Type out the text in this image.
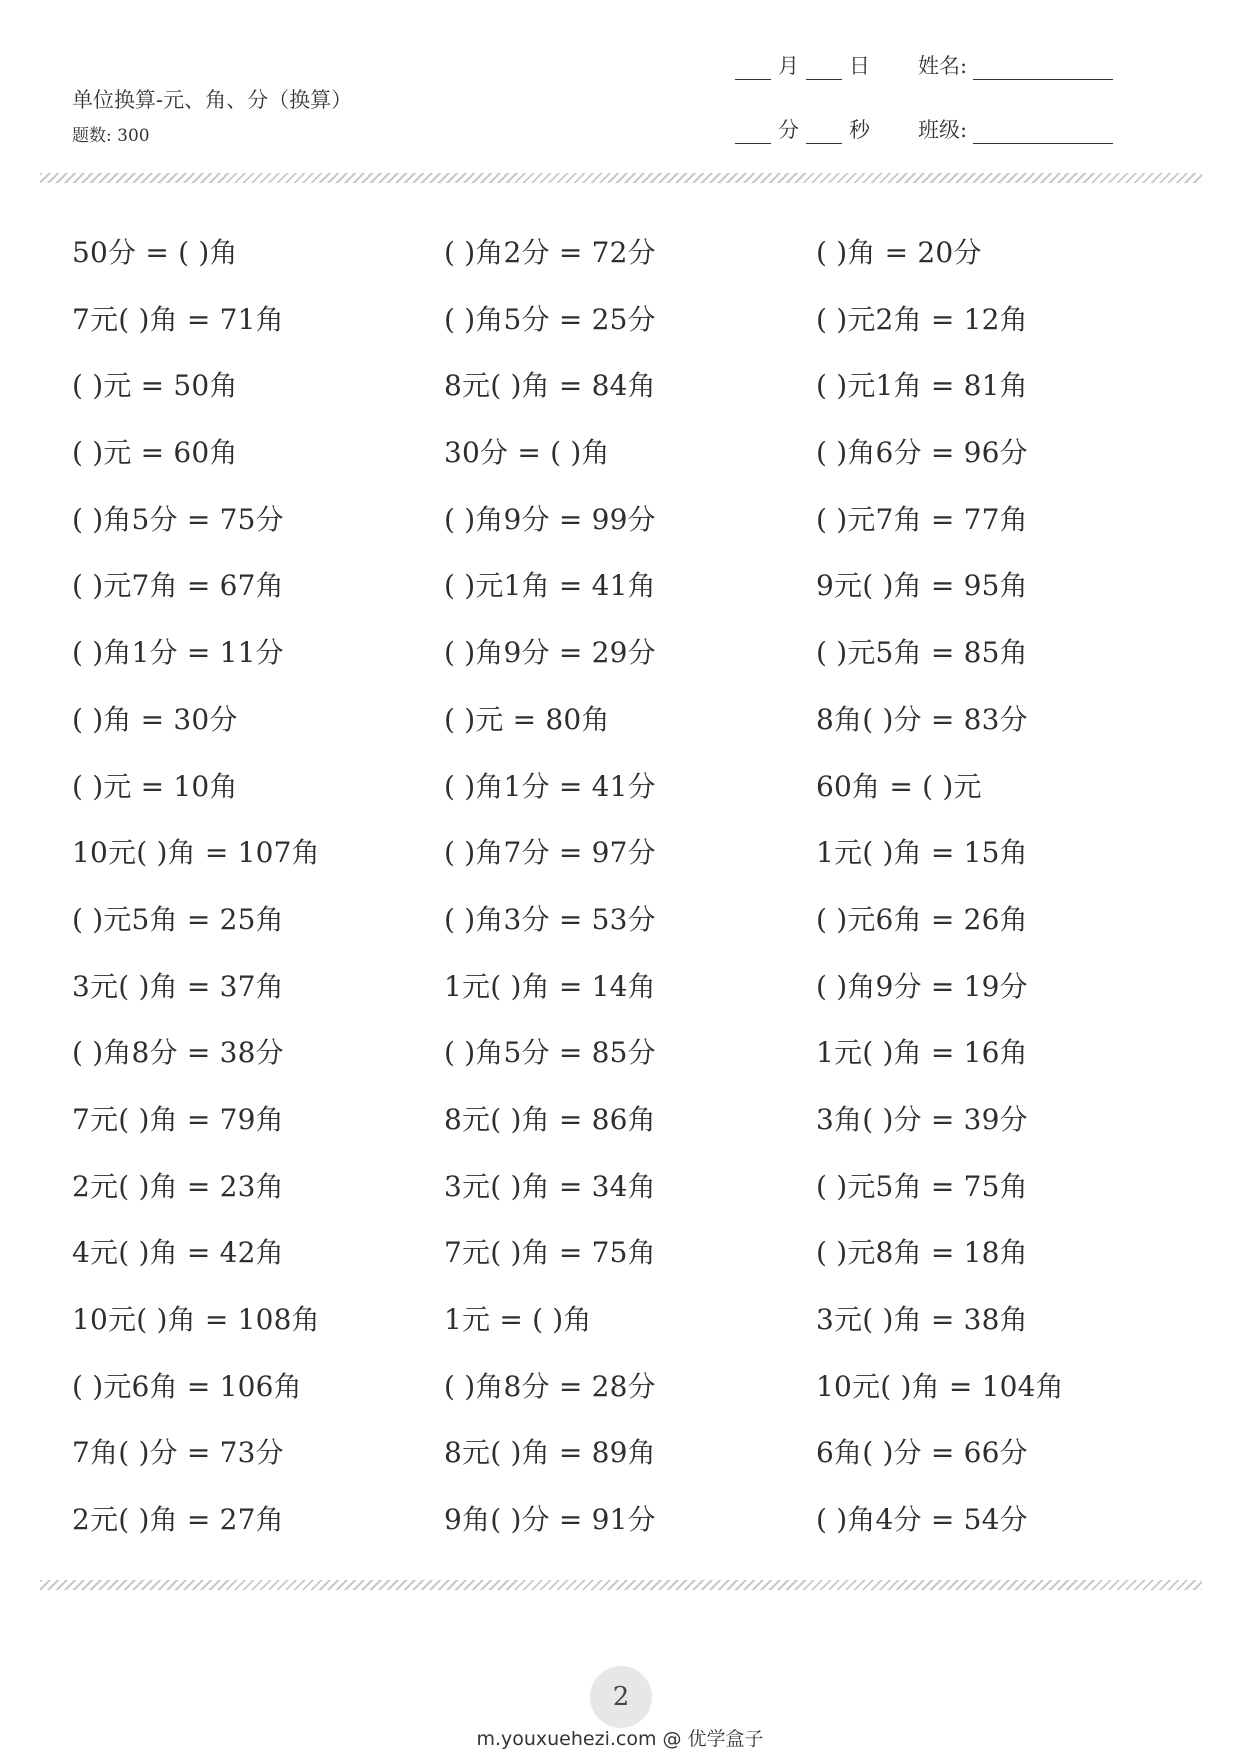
单位换算-元、角、分（换算）
题数: 300
月 日 姓名:
分 秒 班级:
50分 = ( )角	( )角2分 = 72分	( )角 = 20分
7元( )角 = 71角	( )角5分 = 25分	( )元2角 = 12角
( )元 = 50角	8元( )角 = 84角	( )元1角 = 81角
( )元 = 60角	30分 = ( )角	( )角6分 = 96分
( )角5分 = 75分	( )角9分 = 99分	( )元7角 = 77角
( )元7角 = 67角	( )元1角 = 41角	9元( )角 = 95角
( )角1分 = 11分	( )角9分 = 29分	( )元5角 = 85角
( )角 = 30分	( )元 = 80角	8角( )分 = 83分
( )元 = 10角	( )角1分 = 41分	60角 = ( )元
10元( )角 = 107角	( )角7分 = 97分	1元( )角 = 15角
( )元5角 = 25角	( )角3分 = 53分	( )元6角 = 26角
3元( )角 = 37角	1元( )角 = 14角	( )角9分 = 19分
( )角8分 = 38分	( )角5分 = 85分	1元( )角 = 16角
7元( )角 = 79角	8元( )角 = 86角	3角( )分 = 39分
2元( )角 = 23角	3元( )角 = 34角	( )元5角 = 75角
4元( )角 = 42角	7元( )角 = 75角	( )元8角 = 18角
10元( )角 = 108角	1元 = ( )角	3元( )角 = 38角
( )元6角 = 106角	( )角8分 = 28分	10元( )角 = 104角
7角( )分 = 73分	8元( )角 = 89角	6角( )分 = 66分
2元( )角 = 27角	9角( )分 = 91分	( )角4分 = 54分
2
m.youxuehezi.com @ 优学盒子
